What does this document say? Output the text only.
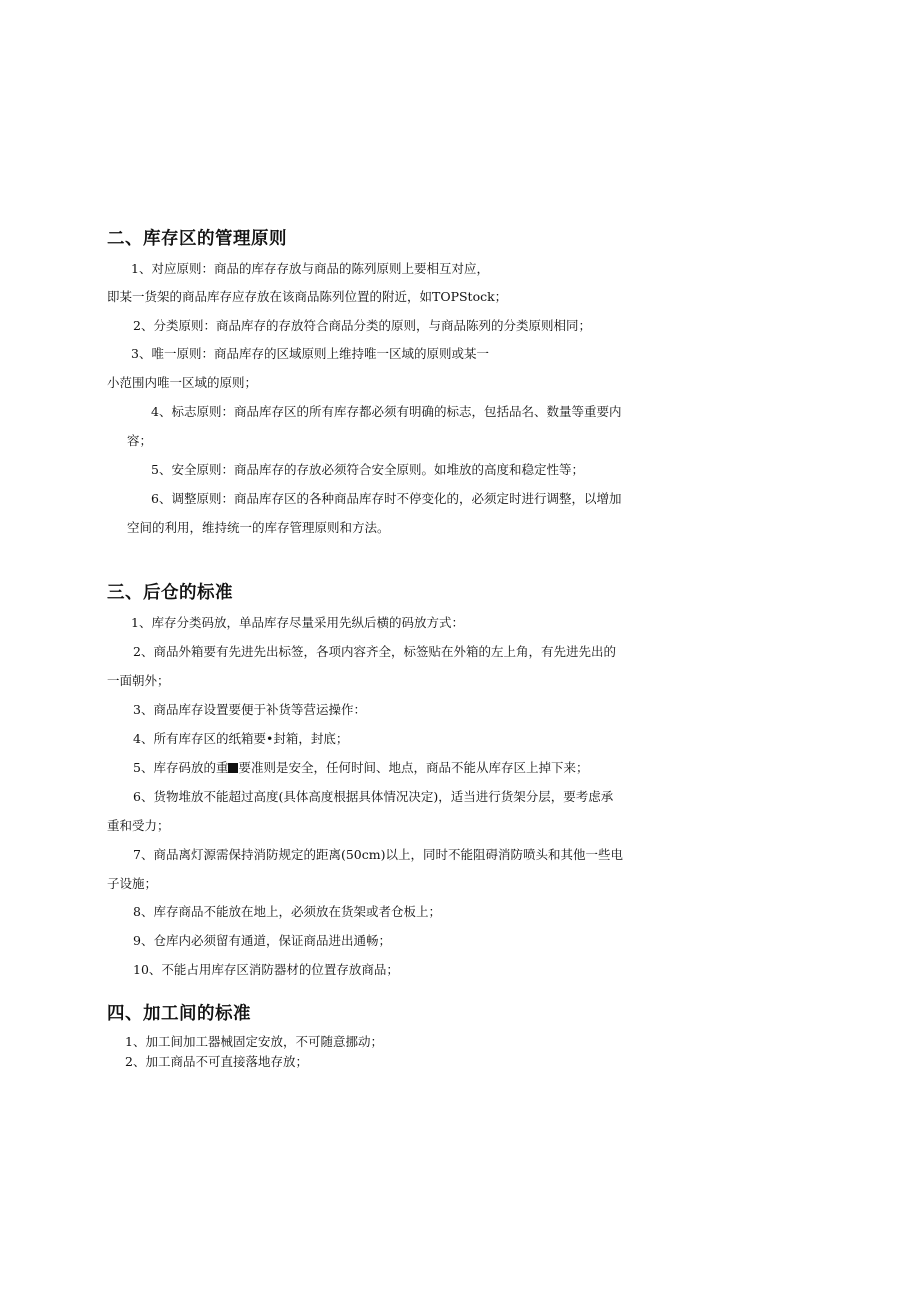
二、库存区的管理原则
1、对应原则：商品的库存存放与商品的陈列原则上要相互对应，
即某一货架的商品库存应存放在该商品陈列位置的附近，如TOPStock；
2、分类原则：商品库存的存放符合商品分类的原则，与商品陈列的分类原则相同；
3、唯一原则：商品库存的区域原则上维持唯一区域的原则或某一
小范围内唯一区域的原则；
4、标志原则：商品库存区的所有库存都必须有明确的标志，包括品名、数量等重要内
容；
5、安全原则：商品库存的存放必须符合安全原则。如堆放的高度和稳定性等；
6、调整原则：商品库存区的各种商品库存时不停变化的，必须定时进行调整，以增加
空间的利用，维持统一的库存管理原则和方法。
三、后仓的标准
1、库存分类码放，单品库存尽量采用先纵后横的码放方式：
2、商品外箱要有先进先出标签，各项内容齐全，标签贴在外箱的左上角，有先进先出的
一面朝外；
3、商品库存设置要便于补货等营运操作：
4、所有库存区的纸箱要•封箱，封底；
5、库存码放的重 要准则是安全，任何时间、地点，商品不能从库存区上掉下来；
6、货物堆放不能超过高度(具体高度根据具体情况决定)，适当进行货架分层，要考虑承
重和受力；
7、商品离灯源需保持消防规定的距离(50cm)以上，同时不能阻碍消防喷头和其他一些电
子设施；
8、库存商品不能放在地上，必须放在货架或者仓板上；
9、仓库内必须留有通道，保证商品进出通畅；
10、不能占用库存区消防器材的位置存放商品；
四、加工间的标准
1、加工间加工器械固定安放，不可随意挪动；
2、加工商品不可直接落地存放；
